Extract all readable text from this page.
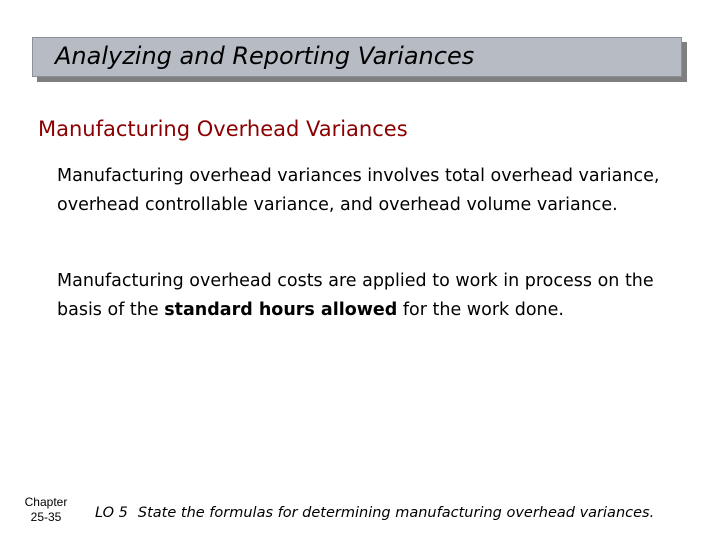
Analyzing and Reporting Variances
Manufacturing Overhead Variances
Manufacturing overhead variances involves total overhead variance, overhead controllable variance, and overhead volume variance.
Manufacturing overhead costs are applied to work in process on the basis of the standard hours allowed for the work done.
Chapter
25-35	LO 5 State the formulas for determining manufacturing overhead variances.
